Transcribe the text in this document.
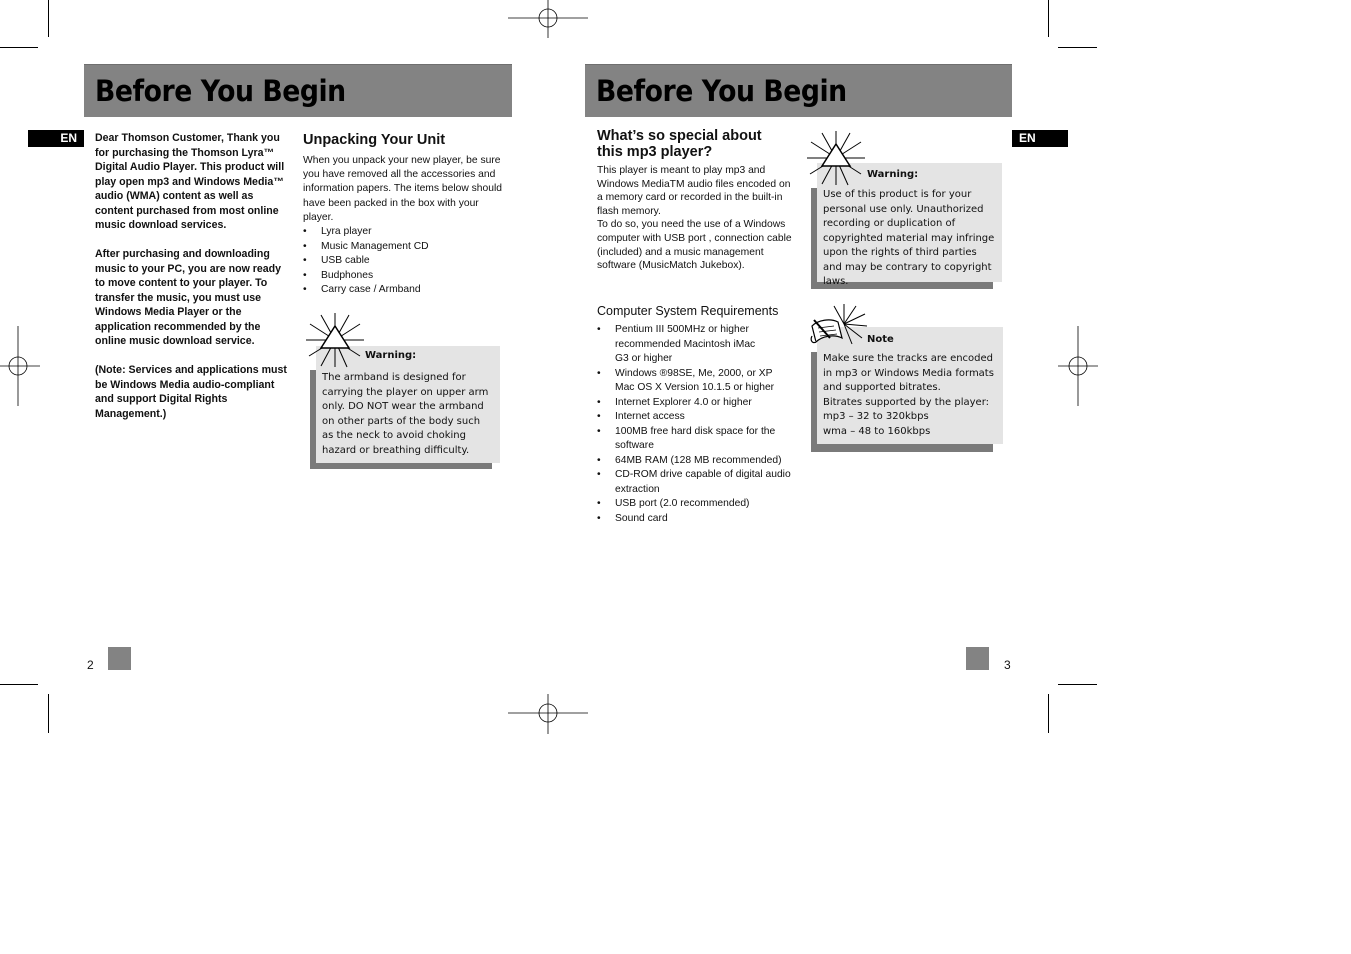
Before You Begin
EN	Dear Thomson Customer, Thank you for purchasing the Thomson Lyra™ Digital Audio Player. This product will play open mp3 and Windows Media™ audio (WMA) content as well as content purchased from most online music download services.

After purchasing and downloading music to your PC, you are now ready to move content to your player. To transfer the music, you must use Windows Media Player or the application recommended by the online music download service.

(Note: Services and applications must be Windows Media audio-compliant and support Digital Rights Management.)

Unpacking Your Unit

When you unpack your new player, be sure you have removed all the accessories and information papers. The items below should have been packed in the box with your player.

• Lyra player
• Music Management CD
• USB cable
• Budphones
• Carry case / Armband
Warning:

The armband is designed for carrying the player on upper arm only. DO NOT wear the armband on other parts of the body such as the neck to avoid choking hazard or breathing difficulty.

2
Before You Begin
EN
What’s so special about this mp3 player?

This player is meant to play mp3 and Windows MediaTM audio files encoded on a memory card or recorded in the built-in flash memory.

To do so, you need the use of a Windows computer with USB port , connection cable (included) and a music management software (MusicMatch Jukebox).

Computer System Requirements
• Pentium III 500MHz or higher recommended Macintosh iMac G3 or higher
• Windows ®98SE, Me, 2000, or XP Mac OS X Version 10.1.5 or higher
• Internet Explorer 4.0 or higher
• Internet access
• 100MB free hard disk space for the software
• 64MB RAM (128 MB recommended)
• CD-ROM drive capable of digital audio extraction
• USB port (2.0 recommended)
• Sound card
Warning:

Use of this product is for your personal use only. Unauthorized recording or duplication of copyrighted material may infringe upon the rights of third parties and may be contrary to copyright laws.

Note

Make sure the tracks are encoded in mp3 or Windows Media formats and supported bitrates.

Bitrates supported by the player:

mp3 – 32 to 320kbps

wma – 48 to 160kbps

3
